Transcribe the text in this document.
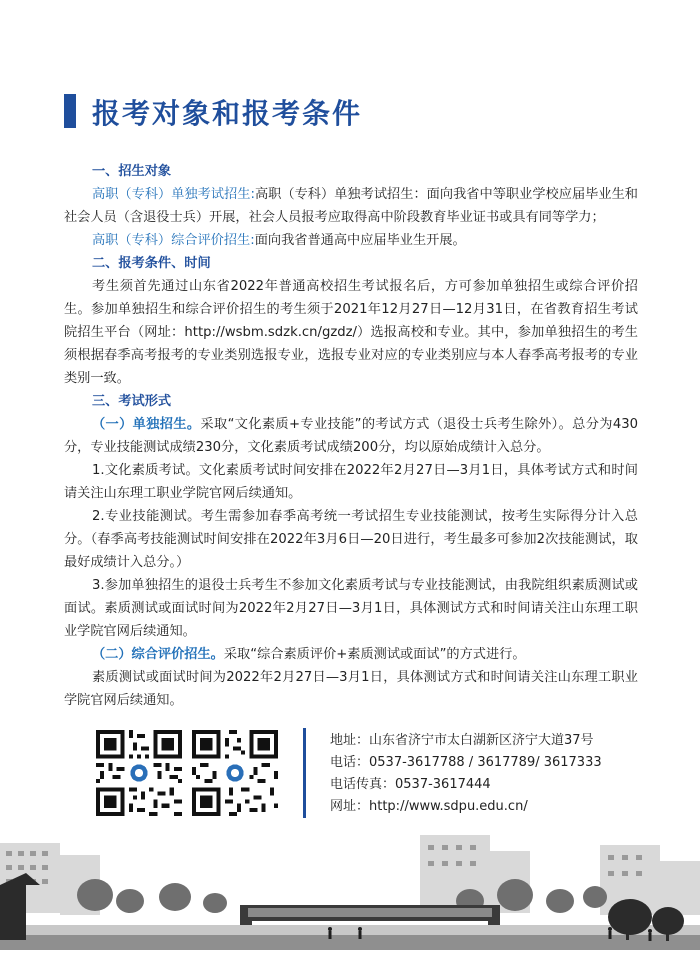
报考对象和报考条件
一、招生对象
高职（专科）单独考试招生:高职（专科）单独考试招生：面向我省中等职业学校应届毕业生和社会人员（含退役士兵）开展，社会人员报考应取得高中阶段教育毕业证书或具有同等学力；
高职（专科）综合评价招生:面向我省普通高中应届毕业生开展。
二、报考条件、时间
考生须首先通过山东省2022年普通高校招生考试报名后，方可参加单独招生或综合评价招生。参加单独招生和综合评价招生的考生须于2021年12月27日—12月31日，在省教育招生考试院招生平台（网址：http://wsbm.sdzk.cn/gzdz/）选报高校和专业。其中，参加单独招生的考生须根据春季高考报考的专业类别选报专业，选报专业对应的专业类别应与本人春季高考报考的专业类别一致。
三、考试形式
（一）单独招生。采取“文化素质+专业技能”的考试方式（退役士兵考生除外）。总分为430分，专业技能测试成绩230分，文化素质考试成绩200分，均以原始成绩计入总分。
1.文化素质考试。文化素质考试时间安排在2022年2月27日—3月1日，具体考试方式和时间请关注山东理工职业学院官网后续通知。
2.专业技能测试。考生需参加春季高考统一考试招生专业技能测试，按考生实际得分计入总分。（春季高考技能测试时间安排在2022年3月6日—20日进行，考生最多可参加2次技能测试，取最好成绩计入总分。）
3.参加单独招生的退役士兵考生不参加文化素质考试与专业技能测试，由我院组织素质测试或面试。素质测试或面试时间为2022年2月27日—3月1日，具体测试方式和时间请关注山东理工职业学院官网后续通知。
（二）综合评价招生。采取“综合素质评价+素质测试或面试”的方式进行。
素质测试或面试时间为2022年2月27日—3月1日，具体测试方式和时间请关注山东理工职业学院官网后续通知。
地址：山东省济宁市太白湖新区济宁大道37号
电话：0537-3617788 / 3617789/ 3617333
电话传真：0537-3617444
网址：http://www.sdpu.edu.cn/
